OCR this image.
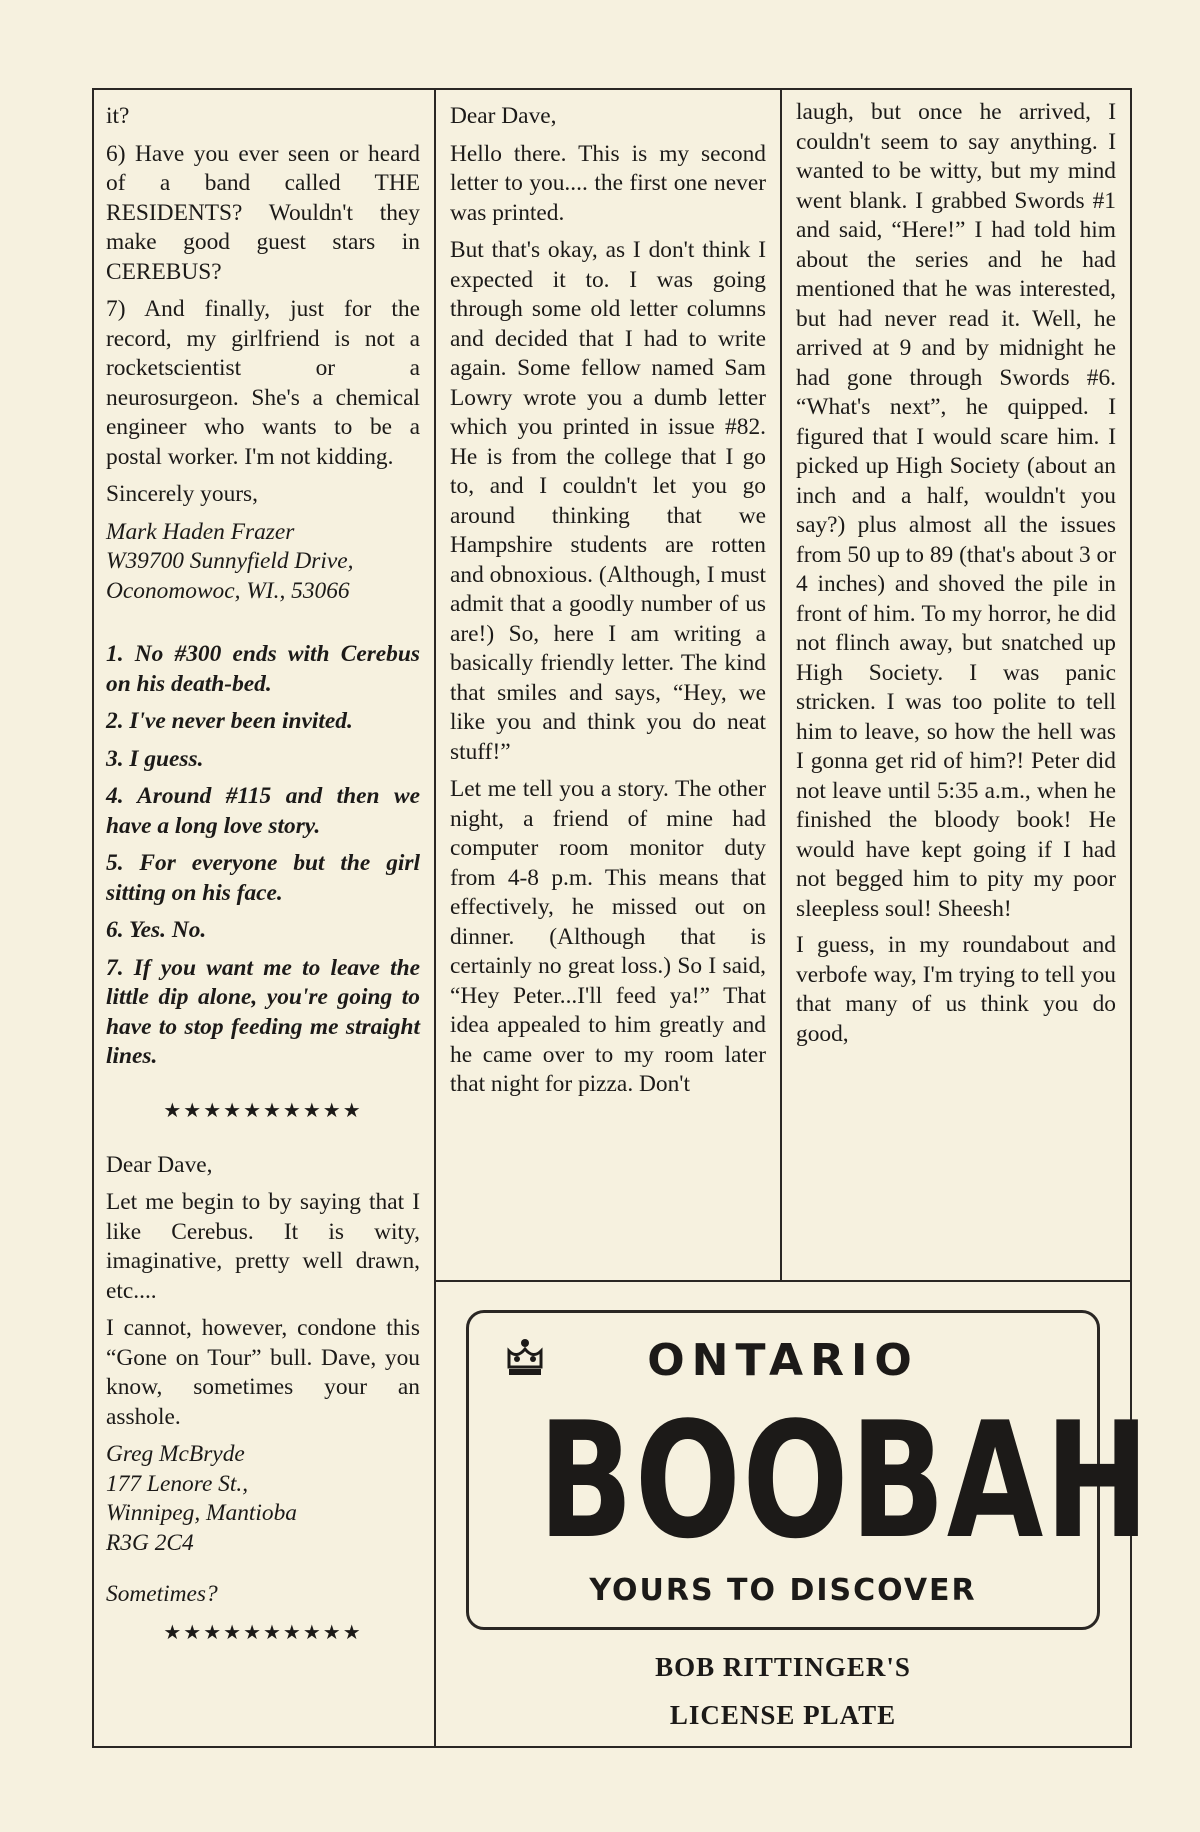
it?

6) Have you ever seen or heard of a band called THE RESIDENTS? Wouldn't they make good guest stars in CEREBUS?

7) And finally, just for the record, my girlfriend is not a rocketscientist or a neurosurgeon. She's a chemical engineer who wants to be a postal worker. I'm not kidding.

Sincerely yours,

Mark Haden Frazer

W39700 Sunnyfield Drive,

Oconomowoc, WI., 53066

1. No #300 ends with Cerebus on his death-bed.

2. I've never been invited.

3. I guess.

4. Around #115 and then we have a long love story.

5. For everyone but the girl sitting on his face.

6. Yes. No.

7. If you want me to leave the little dip alone, you're going to have to stop feeding me straight lines.

★★★★★★★★★★

Dear Dave,

Let me begin to by saying that I like Cerebus. It is wity, imaginative, pretty well drawn, etc....

I cannot, however, condone this “Gone on Tour” bull. Dave, you know, sometimes your an asshole.

Greg McBryde

177 Lenore St.,

Winnipeg, Mantioba

R3G 2C4

Sometimes?

★★★★★★★★★★

Dear Dave,

Hello there. This is my second letter to you.... the first one never was printed.

But that's okay, as I don't think I expected it to. I was going through some old letter columns and decided that I had to write again. Some fellow named Sam Lowry wrote you a dumb letter which you printed in issue #82. He is from the college that I go to, and I couldn't let you go around thinking that we Hampshire students are rotten and obnoxious. (Although, I must admit that a goodly number of us are!) So, here I am writing a basically friendly letter. The kind that smiles and says, “Hey, we like you and think you do neat stuff!”

Let me tell you a story. The other night, a friend of mine had computer room monitor duty from 4-8 p.m. This means that effectively, he missed out on dinner. (Although that is certainly no great loss.) So I said, “Hey Peter...I'll feed ya!” That idea appealed to him greatly and he came over to my room later that night for pizza. Don't

laugh, but once he arrived, I couldn't seem to say anything. I wanted to be witty, but my mind went blank. I grabbed Swords #1 and said, “Here!” I had told him about the series and he had mentioned that he was interested, but had never read it. Well, he arrived at 9 and by midnight he had gone through Swords #6. “What's next”, he quipped. I figured that I would scare him. I picked up High Society (about an inch and a half, wouldn't you say?) plus almost all the issues from 50 up to 89 (that's about 3 or 4 inches) and shoved the pile in front of him. To my horror, he did not flinch away, but snatched up High Society. I was panic stricken. I was too polite to tell him to leave, so how the hell was I gonna get rid of him?! Peter did not leave until 5:35 a.m., when he finished the bloody book! He would have kept going if I had not begged him to pity my poor sleepless soul! Sheesh!

I guess, in my roundabout and verbofe way, I'm trying to tell you that many of us think you do good,

ONTARIO
BOOBAH
YOURS TO DISCOVER
BOB RITTINGER'S
LICENSE PLATE
